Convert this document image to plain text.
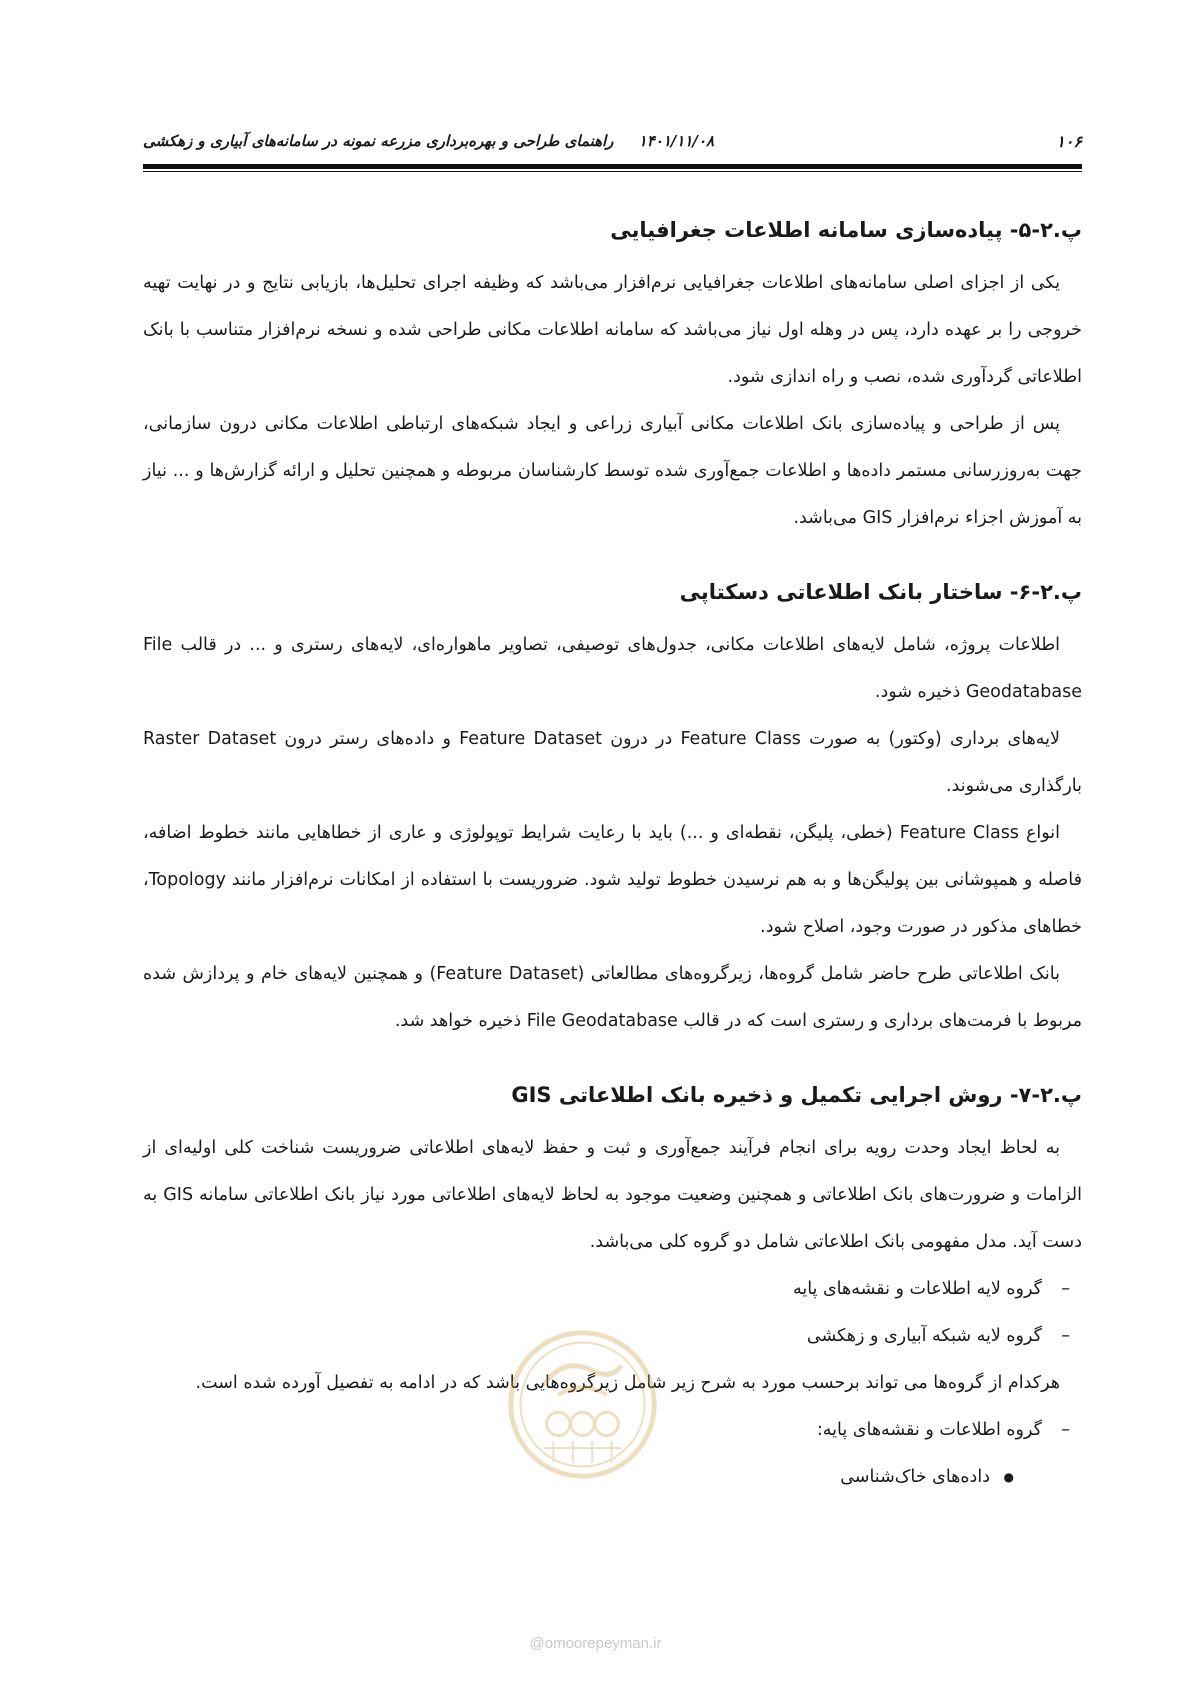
۱۴۰۱/۱۱/۰۸ راهنمای طراحی و بهره‌برداری مزرعه نمونه در سامانه‌های آبیاری و زهکشی	۱۰۶
پ.۲-۵- پیاده‌سازی سامانه اطلاعات جغرافیایی

یکی از اجزای اصلی سامانه‌های اطلاعات جغرافیایی نرم‌افزار می‌باشد که وظیفه اجرای تحلیل‌ها، بازیابی نتایج و در نهایت تهیه خروجی را بر عهده دارد، پس در وهله اول نیاز می‌باشد که سامانه اطلاعات مکانی طراحی شده و نسخه نرم‌افزار متناسب با بانک اطلاعاتی گردآوری شده، نصب و راه اندازی شود.

پس از طراحی و پیاده‌سازی بانک اطلاعات مکانی آبیاری زراعی و ایجاد شبکه‌های ارتباطی اطلاعات مکانی درون سازمانی، جهت به‌روزرسانی مستمر داده‌ها و اطلاعات جمع‌آوری شده توسط کارشناسان مربوطه و همچنین تحلیل و ارائه گزارش‌ها و ... نیاز به آموزش اجزاء نرم‌افزار GIS می‌باشد.

پ.۲-۶- ساختار بانک اطلاعاتی دسکتاپی

اطلاعات پروژه، شامل لایه‌های اطلاعات مکانی، جدول‌های توصیفی، تصاویر ماهواره‌ای، لایه‌های رستری و ... در قالب File Geodatabase ذخیره شود.

لایه‌های برداری (وکتور) به صورت Feature Class در درون Feature Dataset و داده‌های رستر درون Raster Dataset بارگذاری می‌شوند.

انواع Feature Class (خطی، پلیگن، نقطه‌ای و ...) باید با رعایت شرایط توپولوژی و عاری از خطاهایی مانند خطوط اضافه، فاصله و همپوشانی بین پولیگن‌ها و به هم نرسیدن خطوط تولید شود. ضروریست با استفاده از امکانات نرم‌افزار مانند Topology، خطاهای مذکور در صورت وجود، اصلاح شود.

بانک اطلاعاتی طرح حاضر شامل گروه‌ها، زیرگروه‌های مطالعاتی (Feature Dataset) و همچنین لایه‌های خام و پردازش شده مربوط با فرمت‌های برداری و رستری است که در قالب File Geodatabase ذخیره خواهد شد.

پ.۲-۷- روش اجرایی تکمیل و ذخیره بانک اطلاعاتی GIS

به لحاظ ایجاد وحدت رویه برای انجام فرآیند جمع‌آوری و ثبت و حفظ لایه‌های اطلاعاتی ضروریست شناخت کلی اولیه‌ای از الزامات و ضرورت‌های بانک اطلاعاتی و همچنین وضعیت موجود به لحاظ لایه‌های اطلاعاتی مورد نیاز بانک اطلاعاتی سامانه GIS به دست آید. مدل مفهومی بانک اطلاعاتی شامل دو گروه کلی می‌باشد.

–
گروه لایه اطلاعات و نقشه‌های پایه
–
گروه لایه شبکه آبیاری و زهکشی

هرکدام از گروه‌ها می تواند برحسب مورد به شرح زیر شامل زیرگروه‌هایی باشد که در ادامه به تفصیل آورده شده است.

–
گروه اطلاعات و نقشه‌های پایه:
●
داده‌های خاک‌شناسی
@omoorepeyman.ir
